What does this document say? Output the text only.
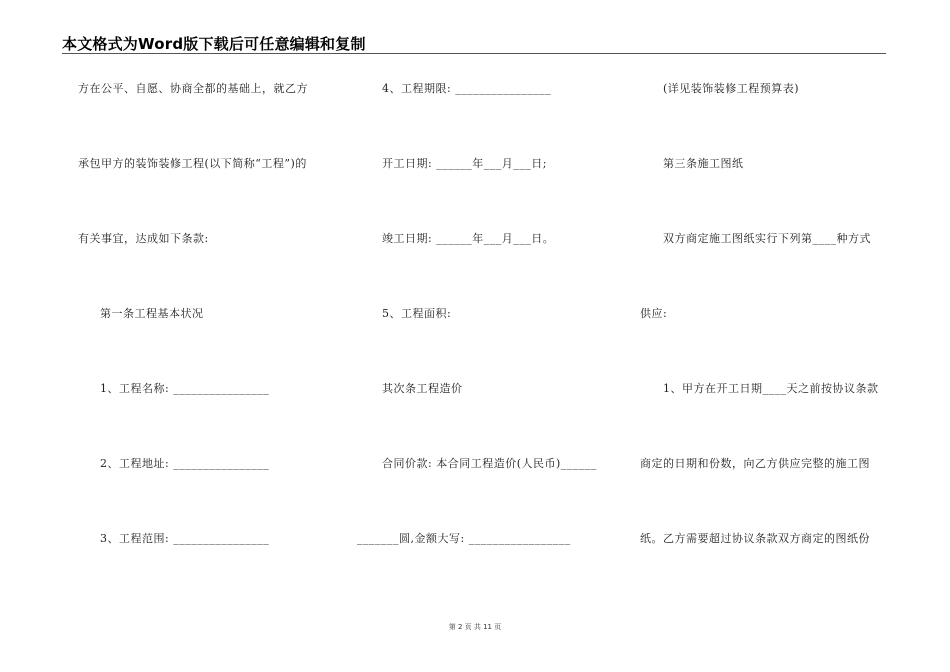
本文格式为Word版下载后可任意编辑和复制
方在公平、自愿、协商全都的基础上，就乙方
承包甲方的装饰装修工程(以下简称“工程”)的
有关事宜，达成如下条款:
第一条工程基本状况
1、工程名称: ________________
2、工程地址: ________________
3、工程范围: ________________
4、工程期限: ________________
开工日期: ______年___月___日;
竣工日期: ______年___月___日。
5、工程面积:
其次条工程造价
合同价款: 本合同工程造价(人民币)______
_______圆,金额大写: _________________
(详见装饰装修工程预算表)
第三条施工图纸
双方商定施工图纸实行下列第____种方式
供应:
1、甲方在开工日期____天之前按协议条款
商定的日期和份数，向乙方供应完整的施工图
纸。乙方需要超过协议条款双方商定的图纸份
第 2 页 共 11 页
